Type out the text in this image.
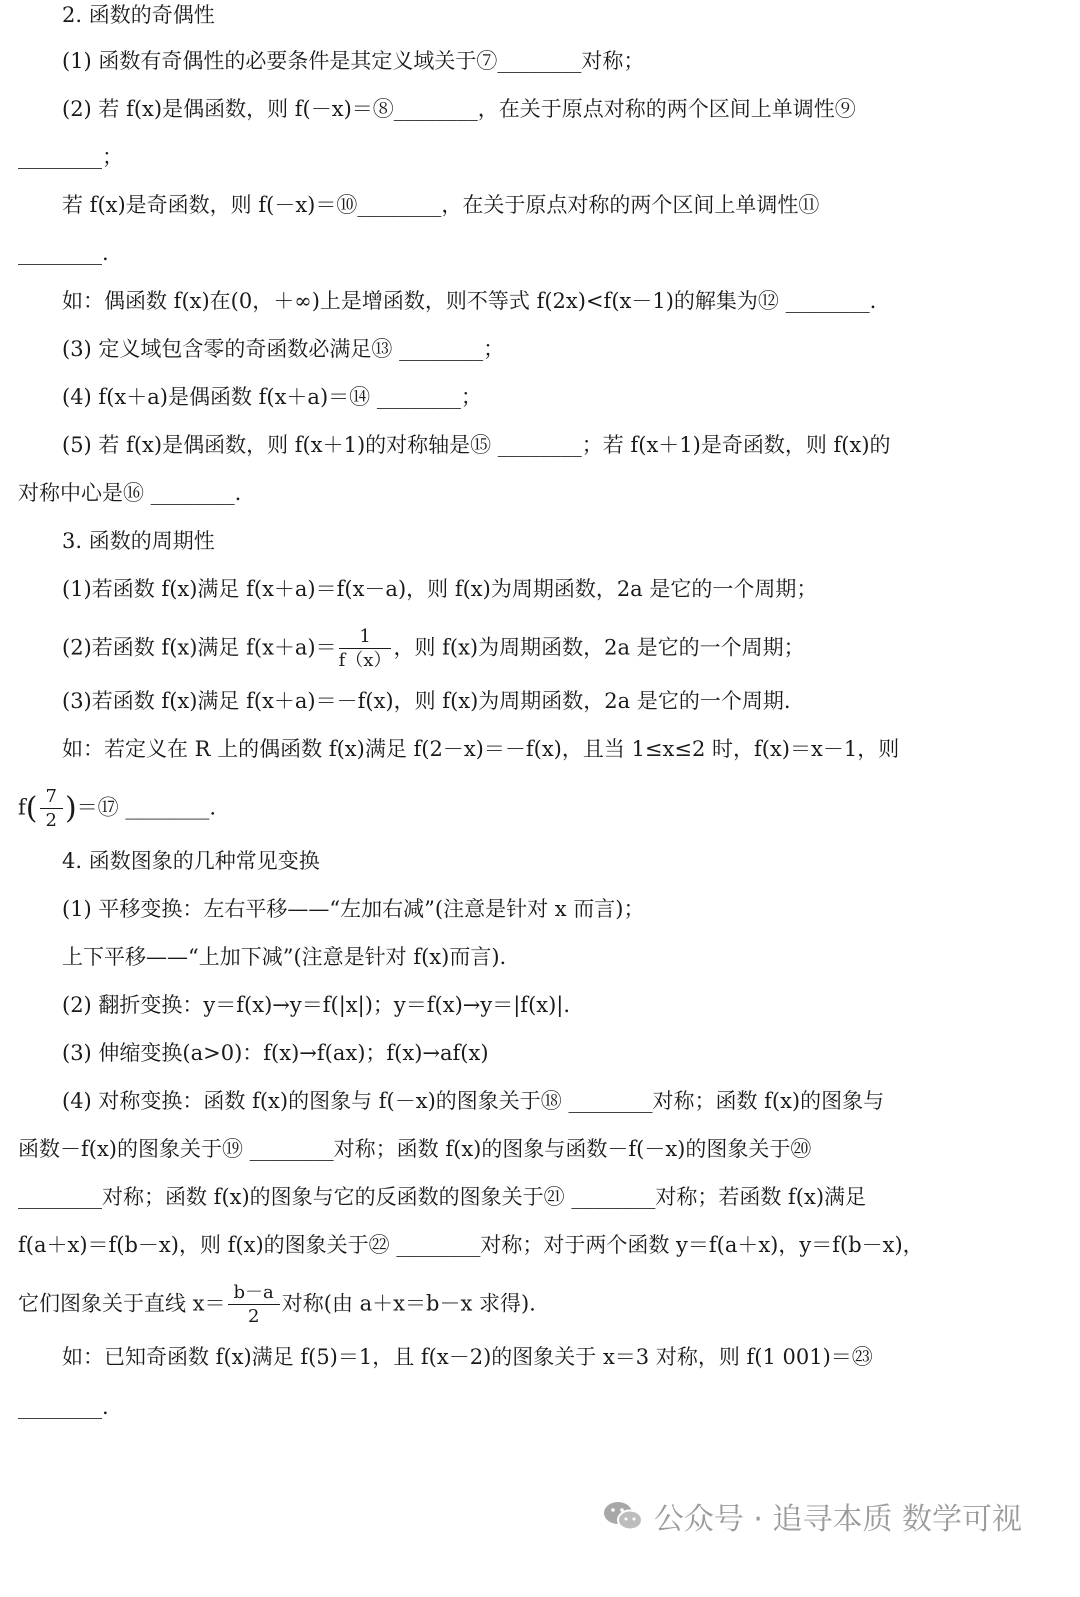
2. 函数的奇偶性
(1) 函数有奇偶性的必要条件是其定义域关于⑦________对称；
(2) 若 f(x)是偶函数，则 f(－x)＝⑧________，在关于原点对称的两个区间上单调性⑨
________；
若 f(x)是奇函数，则 f(－x)＝⑩________，在关于原点对称的两个区间上单调性⑪
________.
如：偶函数 f(x)在(0，＋∞)上是增函数，则不等式 f(2x)<f(x－1)的解集为⑫ ________.
(3) 定义域包含零的奇函数必满足⑬ ________；
(4) f(x＋a)是偶函数 f(x＋a)＝⑭ ________；
(5) 若 f(x)是偶函数，则 f(x＋1)的对称轴是⑮ ________；若 f(x＋1)是奇函数，则 f(x)的
对称中心是⑯ ________.
3. 函数的周期性
(1)若函数 f(x)满足 f(x＋a)＝f(x－a)，则 f(x)为周期函数，2a 是它的一个周期；
(2)若函数 f(x)满足 $f(x+a)= \frac{1}{f(x)}$ ，则 f(x)为周期函数，2a 是它的一个周期；
(3)若函数 f(x)满足 f(x＋a)＝－f(x)，则 f(x)为周期函数，2a 是它的一个周期.
如：若定义在 R 上的偶函数 f(x)满足 f(2－x)＝－f(x)，且当 1≤x≤2 时，f(x)＝x－1，则
$f( \frac{7}{2}$ )＝⑰ ________.
4. 函数图象的几种常见变换
(1) 平移变换：左右平移——“左加右减”(注意是针对 x 而言)；
上下平移——“上加下减”(注意是针对 f(x)而言).
(2) 翻折变换：y＝f(x)→y＝f(|x|)；y＝f(x)→y＝|f(x)|.
(3) 伸缩变换(a>0)：f(x)→f(ax)；f(x)→af(x)
(4) 对称变换：函数 f(x)的图象与 f(－x)的图象关于⑱ ________对称；函数 f(x)的图象与
函数－f(x)的图象关于⑲ ________对称；函数 f(x)的图象与函数－f(－x)的图象关于⑳
________对称；函数 f(x)的图象与它的反函数的图象关于㉑ ________对称；若函数 f(x)满足
f(a＋x)＝f(b－x)，则 f(x)的图象关于㉒ ________对称；对于两个函数 y＝f(a＋x)，y＝f(b－x)，
它们图象关于直线 $x= \frac{b-a}{2}$ 对称(由 a＋x＝b－x 求得).
如：已知奇函数 f(x)满足 f(5)＝1，且 f(x－2)的图象关于 x＝3 对称，则 f(1 001)＝㉓
________.
公众号 · 追寻本质 数学可视
